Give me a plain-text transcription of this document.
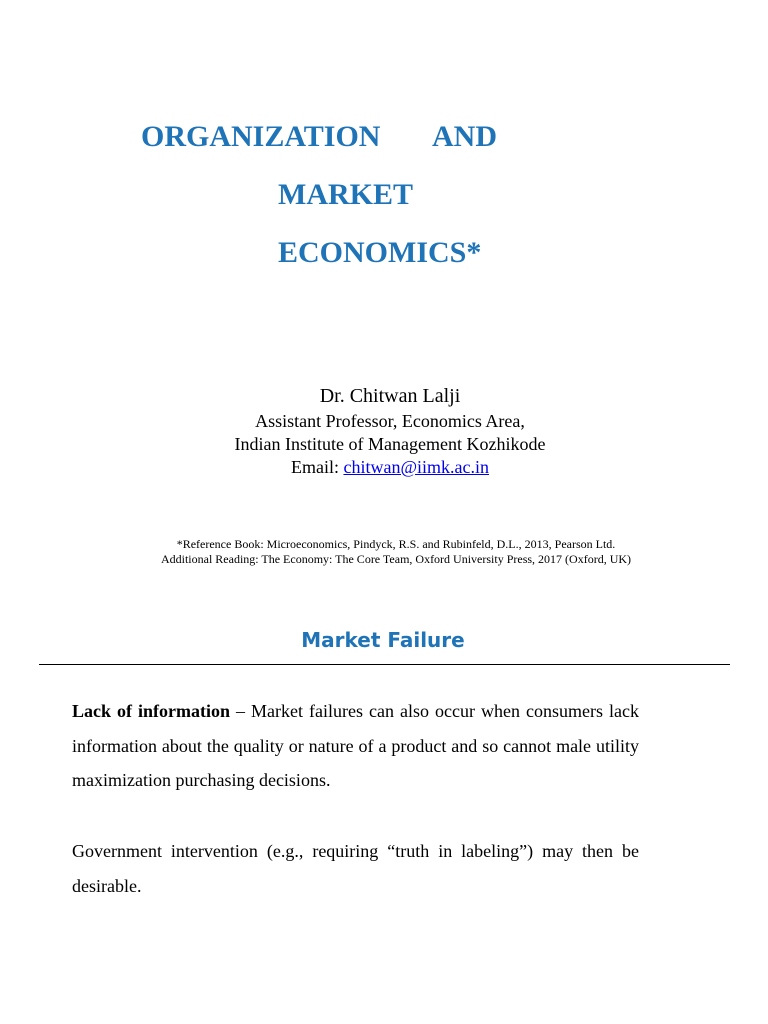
ORGANIZATION AND
MARKET
ECONOMICS*
Dr. Chitwan Lalji
Assistant Professor, Economics Area,
Indian Institute of Management Kozhikode
Email: chitwan@iimk.ac.in
*Reference Book: Microeconomics, Pindyck, R.S. and Rubinfeld, D.L., 2013, Pearson Ltd.
Additional Reading: The Economy: The Core Team, Oxford University Press, 2017 (Oxford, UK)
Market Failure
Lack of information – Market failures can also occur when consumers lack information about the quality or nature of a product and so cannot male utility maximization purchasing decisions.
Government intervention (e.g., requiring “truth in labeling”) may then be desirable.
